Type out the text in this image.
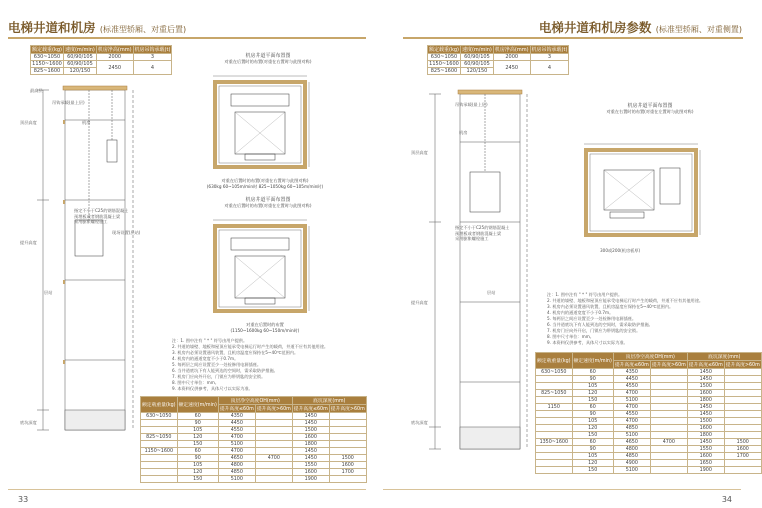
电梯井道和机房 (标准型轿厢、对重后置)
额定载重(kg)	速度(m/min)	机房净高(mm)	机房吊钩承载(t)
630~1050	60/90/105	2000	3
1150~1600	60/90/105	2450	4
825~1600	120/150		
吊钩承载(最上层)
机房
最高层
指定不小于C25的钢筋混凝土
预埋板或者钢筋混凝土梁
采用膨胀螺栓施工
层站
现场设置(层站)
底坑深度
提升高度
顶层高度
机房井道平面布置图
对重在后置时的布置(对重在右置时与此图对称)
对重在后置时的布置(对重在右置时与此图对称)
(630kg 60~105m/min时 825~1050kg 60~105m/min时)
机房井道平面布置图
对重在后置时的布置(对重在左置时与此图对称)
对重在后置时的布置
(1150~1600kg 60~150m/min时)
注：1. 图中注有 " * " 符号由用户提供。
2. 井道的墙壁、地板和屋顶应能承受电梯运行时产生的载荷，井道不应有其他用途。
3. 机房内必须设置通风装置，且机房温度应保持在5~40℃范围内。
4. 机房内的通道宽度不小于0.7m。
5. 每两层之间应设置至少一处检修用电源插座。
6. 当井道底坑下有人能到达的空间时，需采取防护措施。
7. 机房门应向外开启，门锁应为带钥匙的安全锁。
8. 图中尺寸单位：mm。
9. 本资料仅供参考，具体尺寸以实际为准。
额定载重量(kg)	额定速度(m/min)	顶层净空高度OH(mm)		底坑深度(mm)	
		提升高度≤60m	提升高度>60m	提升高度≤60m	提升高度>60m
630~1050	60	4350		1450	
	90	4450		1450	
	105	4550		1500	
825~1050	120	4700		1600	
	150	5100		1800	
1150~1600	60	4700		1450	
	90	4650	4700	1450	1500
	105	4800		1550	1600
	120	4850		1600	1700
	150	5100		1900	
33
电梯井道和机房参数 (标准型轿厢、对重侧置)
额定载重(kg)	速度(m/min)	机房净高(mm)	机房吊钩承载(t)
630~1050	60/90/105	2000	3
1150~1600	60/90/105	2450	4
825~1600	120/150		
吊钩承载(最上层)
机房
指定不小于C25的钢筋混凝土
预埋板或者钢筋混凝土梁
采用膨胀螺栓施工
层站
底坑深度
提升高度
顶层高度
机房井道平面布置图
对重在右置时的布置(对重在左置时与此图对称)
300或200(机房板厚)
注：1. 图中注有 " * " 符号由用户提供。
2. 井道的墙壁、地板和屋顶应能承受电梯运行时产生的载荷，井道不应有其他用途。
3. 机房内必须设置通风装置，且机房温度应保持在5~40℃范围内。
4. 机房内的通道宽度不小于0.7m。
5. 每两层之间应设置至少一处检修用电源插座。
6. 当井道底坑下有人能到达的空间时，需采取防护措施。
7. 机房门应向外开启，门锁应为带钥匙的安全锁。
8. 图中尺寸单位：mm。
9. 本资料仅供参考，具体尺寸以实际为准。
额定载重量(kg)	额定速度(m/min)	顶层净空高度OH(mm)		底坑深度(mm)	
		提升高度≤60m	提升高度>60m	提升高度≤60m	提升高度>60m
630~1050	60	4350		1450	
	90	4450		1450	
	105	4550		1500	
825~1050	120	4700		1600	
	150	5100		1800	
1150	60	4700		1450	
	90	4550		1450	
	105	4700		1500	
	120	4850		1600	
	150	5100		1800	
1350~1600	60	4650	4700	1450	1500
	90	4800		1550	1600
	105	4850		1600	1700
	120	4900		1650	
	150	5100		1900	
34
